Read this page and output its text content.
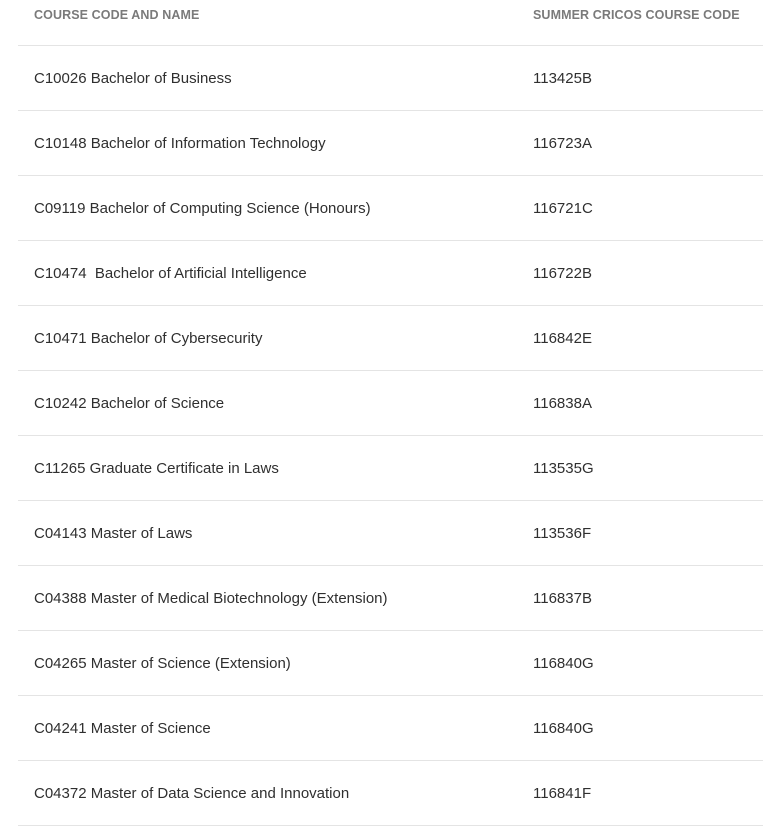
COURSE CODE AND NAME	SUMMER CRICOS COURSE CODE
C10026 Bachelor of Business	113425B
C10148 Bachelor of Information Technology	116723A
C09119 Bachelor of Computing Science (Honours)	116721C
C10474  Bachelor of Artificial Intelligence	116722B
C10471 Bachelor of Cybersecurity	116842E
C10242 Bachelor of Science	116838A
C11265 Graduate Certificate in Laws	113535G
C04143 Master of Laws	113536F
C04388 Master of Medical Biotechnology (Extension)	116837B
C04265 Master of Science (Extension)	116840G
C04241 Master of Science	116840G
C04372 Master of Data Science and Innovation	116841F
